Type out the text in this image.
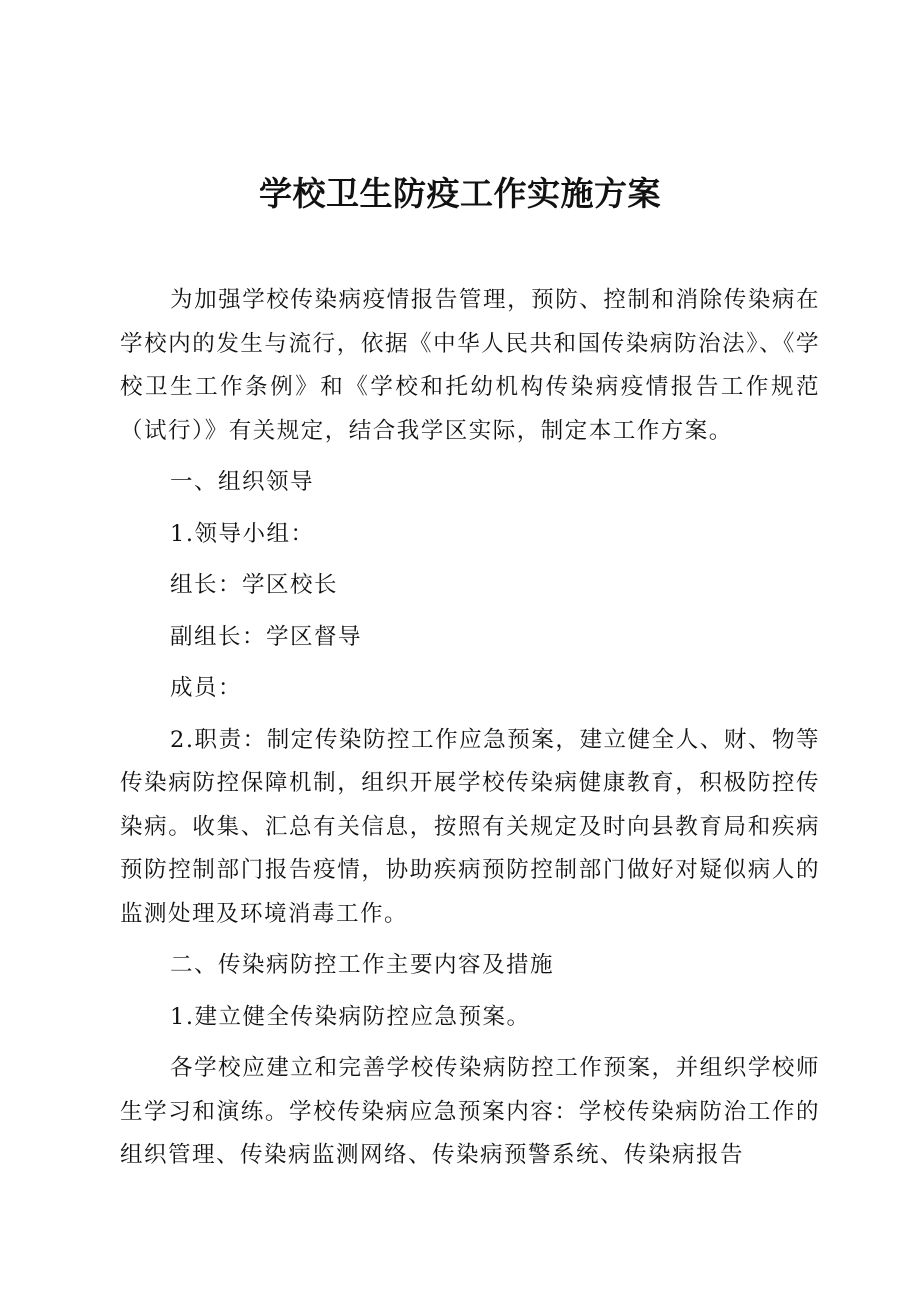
学校卫生防疫工作实施方案

为加强学校传染病疫情报告管理，预防、控制和消除传染病在学校内的发生与流行，依据《中华人民共和国传染病防治法》、《学校卫生工作条例》和《学校和托幼机构传染病疫情报告工作规范（试行）》有关规定，结合我学区实际，制定本工作方案。

一、组织领导

1.领导小组：

组长：学区校长

副组长：学区督导

成员：

2.职责：制定传染防控工作应急预案，建立健全人、财、物等传染病防控保障机制，组织开展学校传染病健康教育，积极防控传染病。收集、汇总有关信息，按照有关规定及时向县教育局和疾病预防控制部门报告疫情，协助疾病预防控制部门做好对疑似病人的监测处理及环境消毒工作。

二、传染病防控工作主要内容及措施

1.建立健全传染病防控应急预案。

各学校应建立和完善学校传染病防控工作预案，并组织学校师生学习和演练。学校传染病应急预案内容：学校传染病防治工作的组织管理、传染病监测网络、传染病预警系统、传染病报告
